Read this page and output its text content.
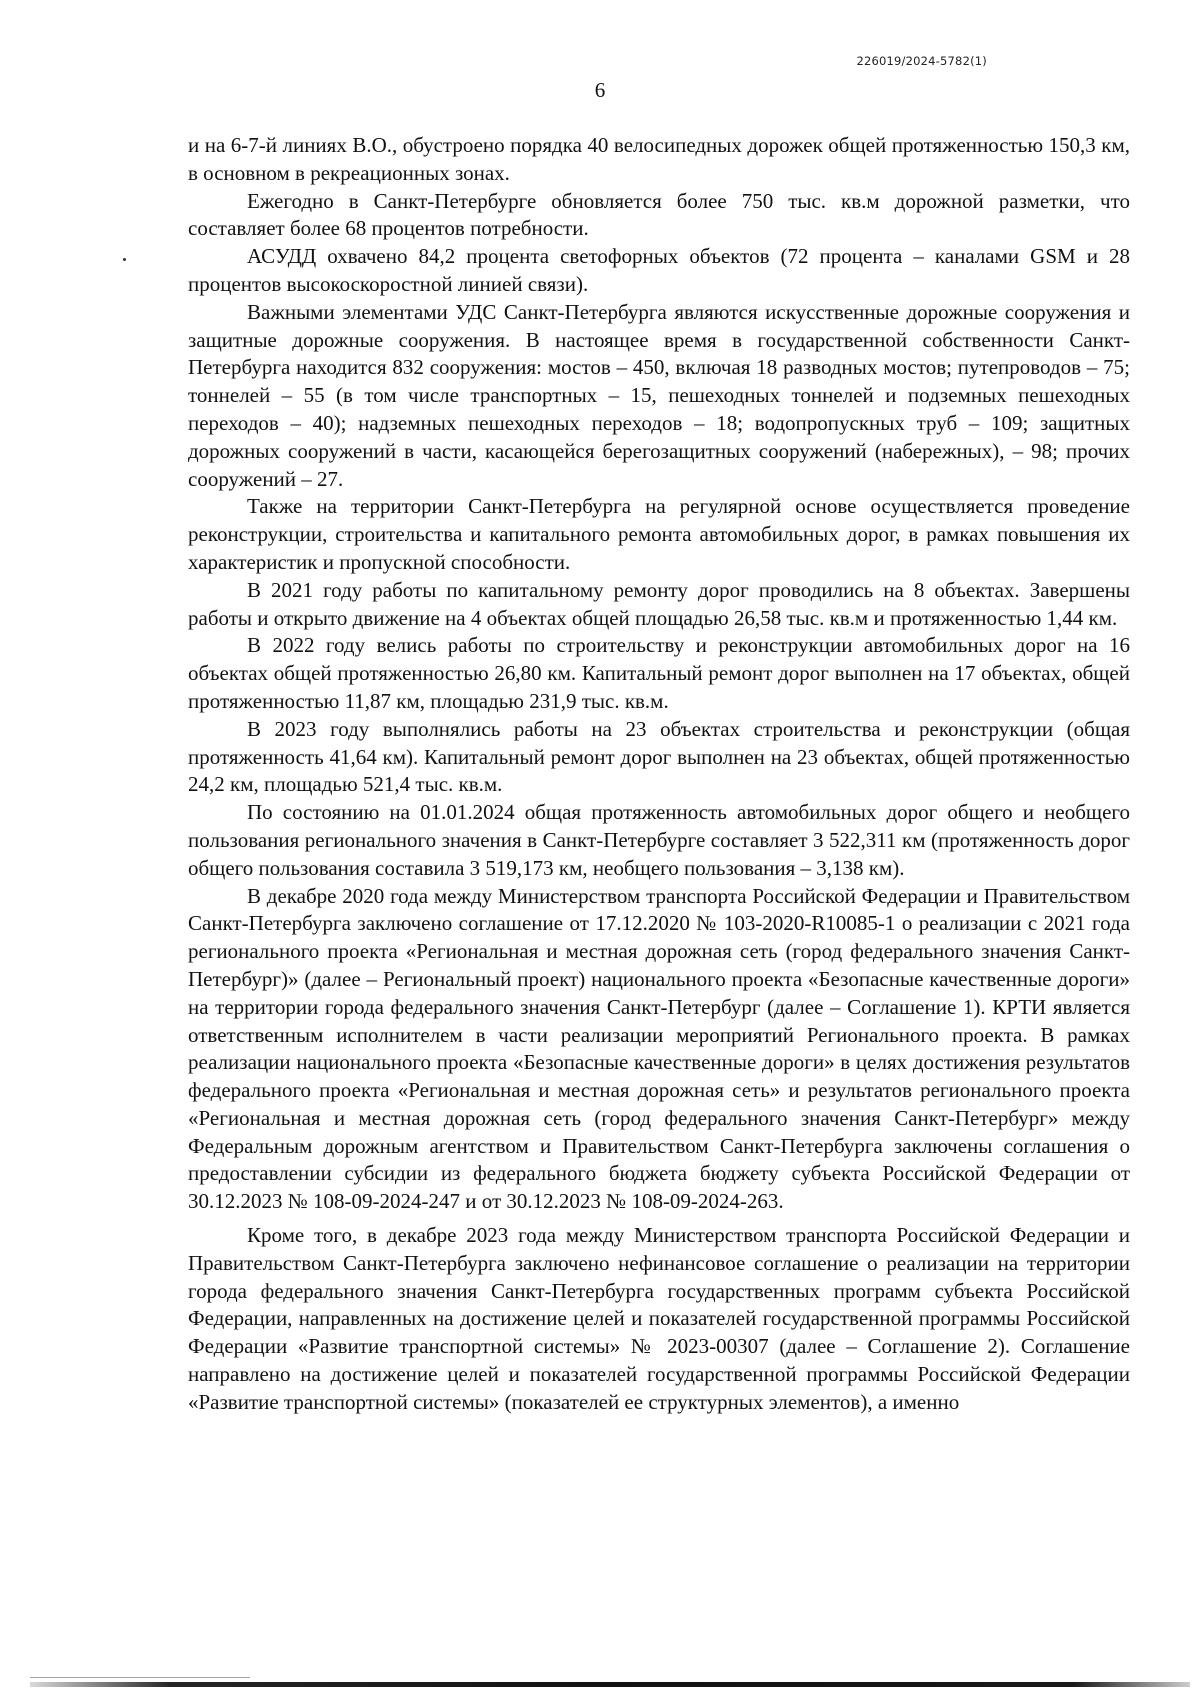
226019/2024-5782(1)
6

и на 6-7-й линиях В.О., обустроено порядка 40 велосипедных дорожек общей протяженностью 150,3 км, в основном в рекреационных зонах.

Ежегодно в Санкт-Петербурге обновляется более 750 тыс. кв.м дорожной разметки, что составляет более 68 процентов потребности.

АСУДД охвачено 84,2 процента светофорных объектов (72 процента – каналами GSM и 28 процентов высокоскоростной линией связи).

Важными элементами УДС Санкт-Петербурга являются искусственные дорожные сооружения и защитные дорожные сооружения. В настоящее время в государственной собственности Санкт-Петербурга находится 832 сооружения: мостов – 450, включая 18 разводных мостов; путепроводов – 75; тоннелей – 55 (в том числе транспортных – 15, пешеходных тоннелей и подземных пешеходных переходов – 40); надземных пешеходных переходов – 18; водопропускных труб – 109; защитных дорожных сооружений в части, касающейся берегозащитных сооружений (набережных), – 98; прочих сооружений – 27.

Также на территории Санкт-Петербурга на регулярной основе осуществляется проведение реконструкции, строительства и капитального ремонта автомобильных дорог, в рамках повышения их характеристик и пропускной способности.

В 2021 году работы по капитальному ремонту дорог проводились на 8 объектах. Завершены работы и открыто движение на 4 объектах общей площадью 26,58 тыс. кв.м и протяженностью 1,44 км.

В 2022 году велись работы по строительству и реконструкции автомобильных дорог на 16 объектах общей протяженностью 26,80 км. Капитальный ремонт дорог выполнен на 17 объектах, общей протяженностью 11,87 км, площадью 231,9 тыс. кв.м.

В 2023 году выполнялись работы на 23 объектах строительства и реконструкции (общая протяженность 41,64 км). Капитальный ремонт дорог выполнен на 23 объектах, общей протяженностью 24,2 км, площадью 521,4 тыс. кв.м.

По состоянию на 01.01.2024 общая протяженность автомобильных дорог общего и необщего пользования регионального значения в Санкт-Петербурге составляет 3 522,311 км (протяженность дорог общего пользования составила 3 519,173 км, необщего пользования – 3,138 км).

В декабре 2020 года между Министерством транспорта Российской Федерации и Правительством Санкт-Петербурга заключено соглашение от 17.12.2020 № 103-2020-R10085-1 о реализации с 2021 года регионального проекта «Региональная и местная дорожная сеть (город федерального значения Санкт-Петербург)» (далее – Региональный проект) национального проекта «Безопасные качественные дороги» на территории города федерального значения Санкт-Петербург (далее – Соглашение 1). КРТИ является ответственным исполнителем в части реализации мероприятий Регионального проекта. В рамках реализации национального проекта «Безопасные качественные дороги» в целях достижения результатов федерального проекта «Региональная и местная дорожная сеть» и результатов регионального проекта «Региональная и местная дорожная сеть (город федерального значения Санкт-Петербург» между Федеральным дорожным агентством и Правительством Санкт-Петербурга заключены соглашения о предоставлении субсидии из федерального бюджета бюджету субъекта Российской Федерации от 30.12.2023 № 108-09-2024-247 и от 30.12.2023 № 108-09-2024-263.

Кроме того, в декабре 2023 года между Министерством транспорта Российской Федерации и Правительством Санкт-Петербурга заключено нефинансовое соглашение о реализации на территории города федерального значения Санкт-Петербурга государственных программ субъекта Российской Федерации, направленных на достижение целей и показателей государственной программы Российской Федерации «Развитие транспортной системы» № 2023-00307 (далее – Соглашение 2). Соглашение направлено на достижение целей и показателей государственной программы Российской Федерации «Развитие транспортной системы» (показателей ее структурных элементов), а именно
